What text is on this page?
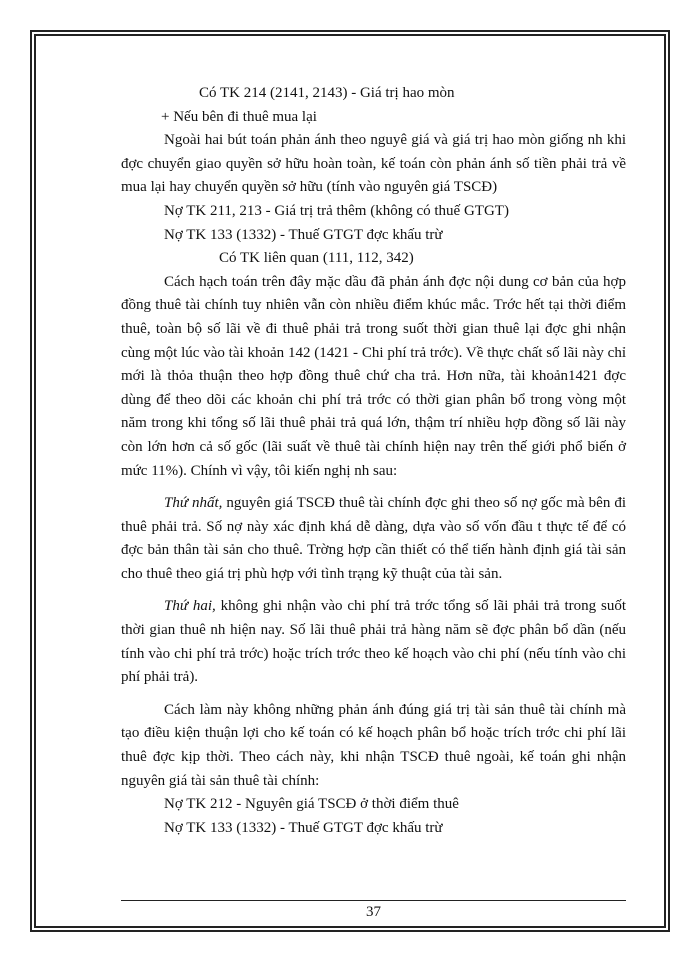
Có TK 214 (2141, 2143) - Giá trị hao mòn

+ Nếu bên đi thuê mua lại

Ngoài hai bút toán phản ánh theo nguyê giá và giá trị hao mòn giống nh khi đợc chuyển giao quyền sở hữu hoàn toàn, kế toán còn phản ánh số tiền phải trả về mua lại hay chuyển quyền sở hữu (tính vào nguyên giá TSCĐ)

Nợ TK 211, 213 - Giá trị trả thêm (không có thuế GTGT)

Nợ TK 133 (1332) - Thuế GTGT đợc khấu trừ

Có TK liên quan (111, 112, 342)

Cách hạch toán trên đây mặc dầu đã phản ánh đợc nội dung cơ bản của hợp đồng thuê tài chính tuy nhiên vẫn còn nhiều điểm khúc mắc. Trớc hết tại thời điểm thuê, toàn bộ số lãi về đi thuê phải trả trong suốt thời gian thuê lại đợc ghi nhận cùng một lúc vào tài khoản 142 (1421 - Chi phí trả trớc). Về thực chất số lãi này chỉ mới là thỏa thuận theo hợp đồng thuê chứ cha trả. Hơn nữa, tài khoản1421 đợc dùng để theo dõi các khoản chi phí trả trớc có thời gian phân bổ trong vòng một năm trong khi tổng số lãi thuê phải trả quá lớn, thậm trí nhiều hợp đồng số lãi này còn lớn hơn cả số gốc (lãi suất về thuê tài chính hiện nay trên thế giới phổ biến ở mức 11%). Chính vì vậy, tôi kiến nghị nh sau:

Thứ nhất, nguyên giá TSCĐ thuê tài chính đợc ghi theo số nợ gốc mà bên đi thuê phải trả. Số nợ này xác định khá dễ dàng, dựa vào số vốn đầu t thực tế để có đợc bản thân tài sản cho thuê. Trờng hợp cần thiết có thể tiến hành định giá tài sản cho thuê theo giá trị phù hợp với tình trạng kỹ thuật của tài sản.

Thứ hai, không ghi nhận vào chi phí trả trớc tổng số lãi phải trả trong suốt thời gian thuê nh hiện nay. Số lãi thuê phải trả hàng năm sẽ đợc phân bổ dần (nếu tính vào chi phí trả trớc) hoặc trích trớc theo kế hoạch vào chi phí (nếu tính vào chi phí phải trả).

Cách làm này không những phản ánh đúng giá trị tài sản thuê tài chính mà tạo điều kiện thuận lợi cho kế toán có kế hoạch phân bổ hoặc trích trớc chi phí lãi thuê đợc kịp thời. Theo cách này, khi nhận TSCĐ thuê ngoài, kế toán ghi nhận nguyên giá tài sản thuê tài chính:

Nợ TK 212 - Nguyên giá TSCĐ ở thời điểm thuê

Nợ TK 133 (1332) - Thuế GTGT đợc khấu trừ

37
